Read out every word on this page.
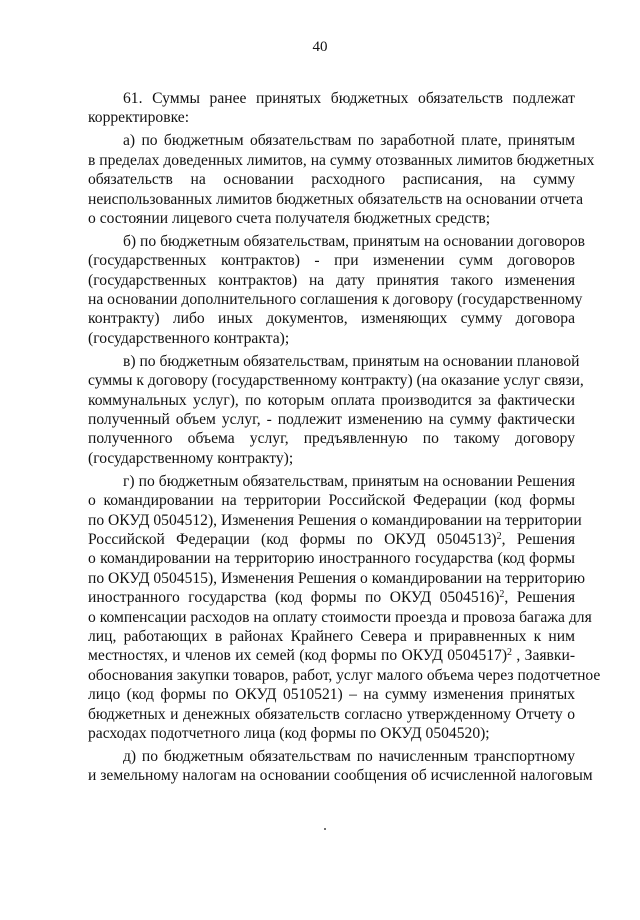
40
61. Суммы ранее принятых бюджетных обязательств подлежат
корректировке:
а) по бюджетным обязательствам по заработной плате, принятым
в пределах доведенных лимитов, на сумму отозванных лимитов бюджетных
обязательств на основании расходного расписания, на сумму
неиспользованных лимитов бюджетных обязательств на основании отчета
о состоянии лицевого счета получателя бюджетных средств;
б) по бюджетным обязательствам, принятым на основании договоров
(государственных контрактов) - при изменении сумм договоров
(государственных контрактов) на дату принятия такого изменения
на основании дополнительного соглашения к договору (государственному
контракту) либо иных документов, изменяющих сумму договора
(государственного контракта);
в) по бюджетным обязательствам, принятым на основании плановой
суммы к договору (государственному контракту) (на оказание услуг связи,
коммунальных услуг), по которым оплата производится за фактически
полученный объем услуг, - подлежит изменению на сумму фактически
полученного объема услуг, предъявленную по такому договору
(государственному контракту);
г) по бюджетным обязательствам, принятым на основании Решения
о командировании на территории Российской Федерации (код формы
по ОКУД 0504512), Изменения Решения о командировании на территории
Российской Федерации (код формы по ОКУД 0504513)$^2$, Решения
о командировании на территорию иностранного государства (код формы
по ОКУД 0504515), Изменения Решения о командировании на территорию
иностранного государства (код формы по ОКУД 0504516)$^2$, Решения
о компенсации расходов на оплату стоимости проезда и провоза багажа для
лиц, работающих в районах Крайнего Севера и приравненных к ним
местностях, и членов их семей (код формы по ОКУД 0504517)$^2$ , Заявки-
обоснования закупки товаров, работ, услуг малого объема через подотчетное
лицо (код формы по ОКУД 0510521) – на сумму изменения принятых
бюджетных и денежных обязательств согласно утвержденному Отчету о
расходах подотчетного лица (код формы по ОКУД 0504520);
д) по бюджетным обязательствам по начисленным транспортному
и земельному налогам на основании сообщения об исчисленной налоговым
